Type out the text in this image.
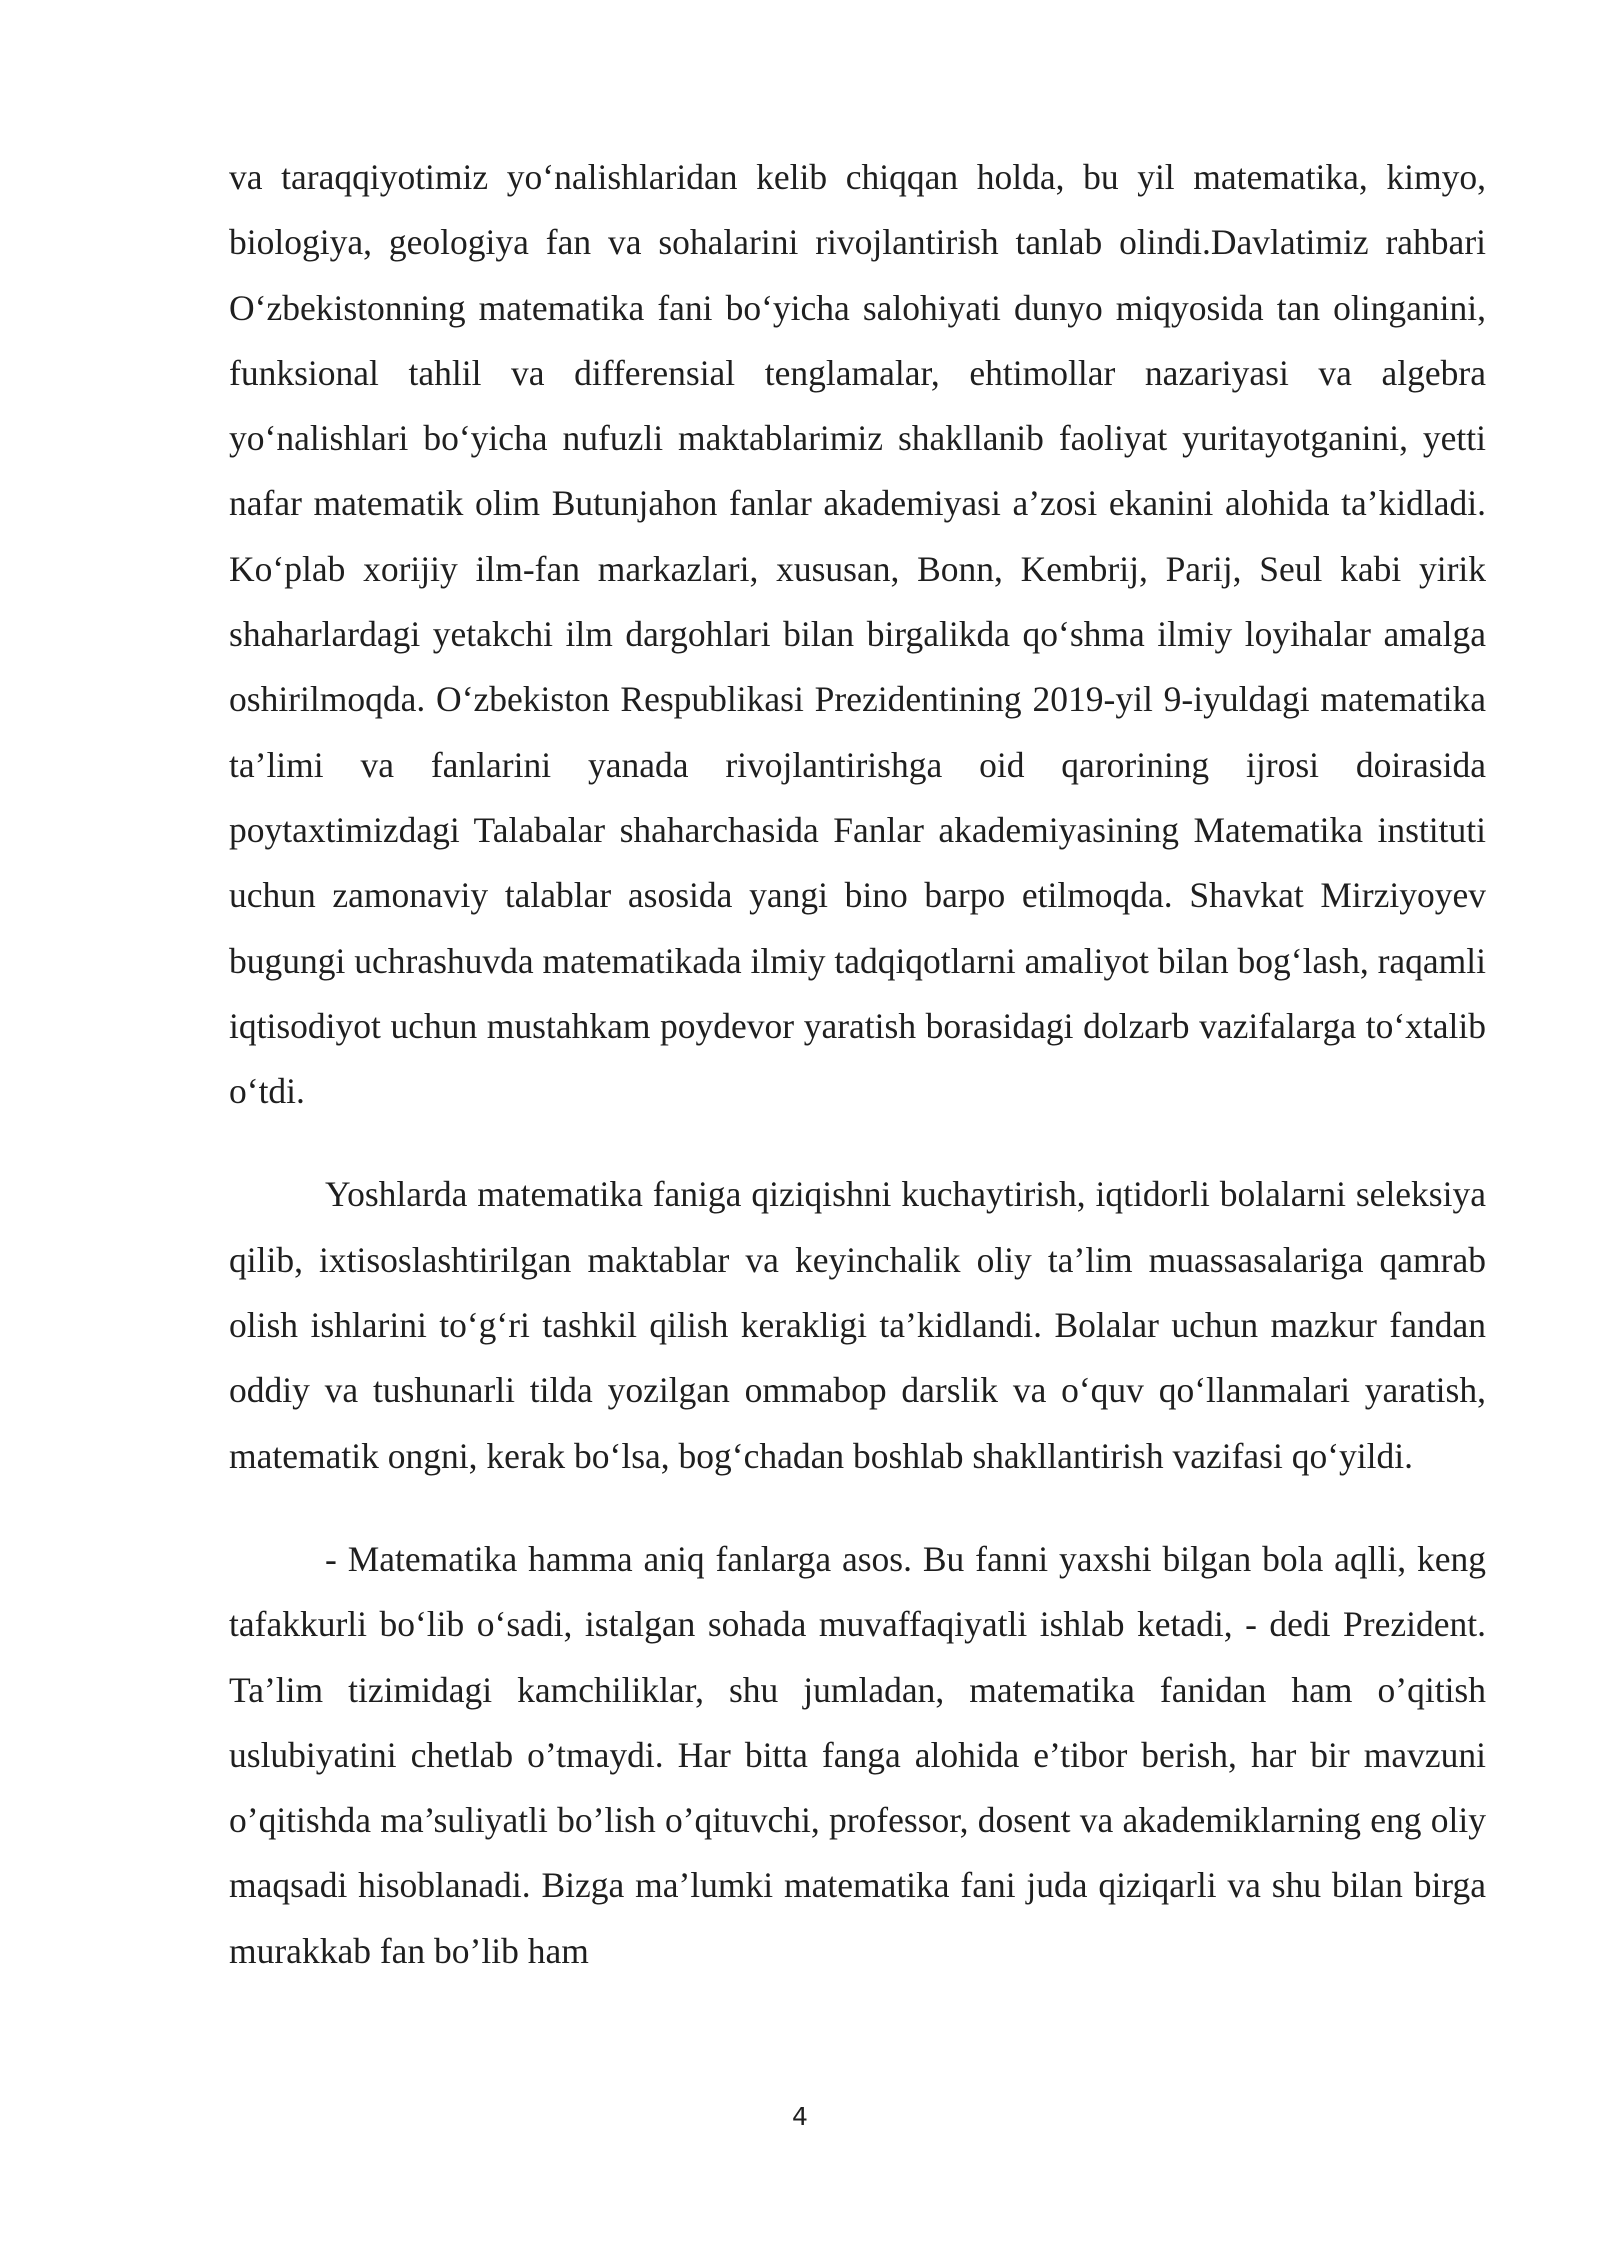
va taraqqiyotimiz yo‘nalishlaridan kelib chiqqan holda, bu yil matematika, kimyo, biologiya, geologiya fan va sohalarini rivojlantirish tanlab olindi.Davlatimiz rahbari O‘zbekistonning matematika fani bo‘yicha salohiyati dunyo miqyosida tan olinganini, funksional tahlil va differensial tenglamalar, ehtimollar nazariyasi va algebra yo‘nalishlari bo‘yicha nufuzli maktablarimiz shakllanib faoliyat yuritayotganini, yetti nafar matematik olim Butunjahon fanlar akademiyasi a’zosi ekanini alohida ta’kidladi. Ko‘plab xorijiy ilm-fan markazlari, xususan, Bonn, Kembrij, Parij, Seul kabi yirik shaharlardagi yetakchi ilm dargohlari bilan birgalikda qo‘shma ilmiy loyihalar amalga oshirilmoqda. O‘zbekiston Respublikasi Prezidentining 2019-yil 9-iyuldagi matematika ta’limi va fanlarini yanada rivojlantirishga oid qarorining ijrosi doirasida poytaxtimizdagi Talabalar shaharchasida Fanlar akademiyasining Matematika instituti uchun zamonaviy talablar asosida yangi bino barpo etilmoqda. Shavkat Mirziyoyev bugungi uchrashuvda matematikada ilmiy tadqiqotlarni amaliyot bilan bog‘lash, raqamli iqtisodiyot uchun mustahkam poydevor yaratish borasidagi dolzarb vazifalarga to‘xtalib o‘tdi.

Yoshlarda matematika faniga qiziqishni kuchaytirish, iqtidorli bolalarni seleksiya qilib, ixtisoslashtirilgan maktablar va keyinchalik oliy ta’lim muassasalariga qamrab olish ishlarini to‘g‘ri tashkil qilish kerakligi ta’kidlandi. Bolalar uchun mazkur fandan oddiy va tushunarli tilda yozilgan ommabop darslik va o‘quv qo‘llanmalari yaratish, matematik ongni, kerak bo‘lsa, bog‘chadan boshlab shakllantirish vazifasi qo‘yildi.

- Matematika hamma aniq fanlarga asos. Bu fanni yaxshi bilgan bola aqlli, keng tafakkurli bo‘lib o‘sadi, istalgan sohada muvaffaqiyatli ishlab ketadi, - dedi Prezident. Ta’lim tizimidagi kamchiliklar, shu jumladan, matematika fanidan ham o’qitish uslubiyatini chetlab o’tmaydi. Har bitta fanga alohida e’tibor berish, har bir mavzuni o’qitishda ma’suliyatli bo’lish o’qituvchi, professor, dosent va akademiklarning eng oliy maqsadi hisoblanadi. Bizga ma’lumki matematika fani juda qiziqarli va shu bilan birga murakkab fan bo’lib ham

4
